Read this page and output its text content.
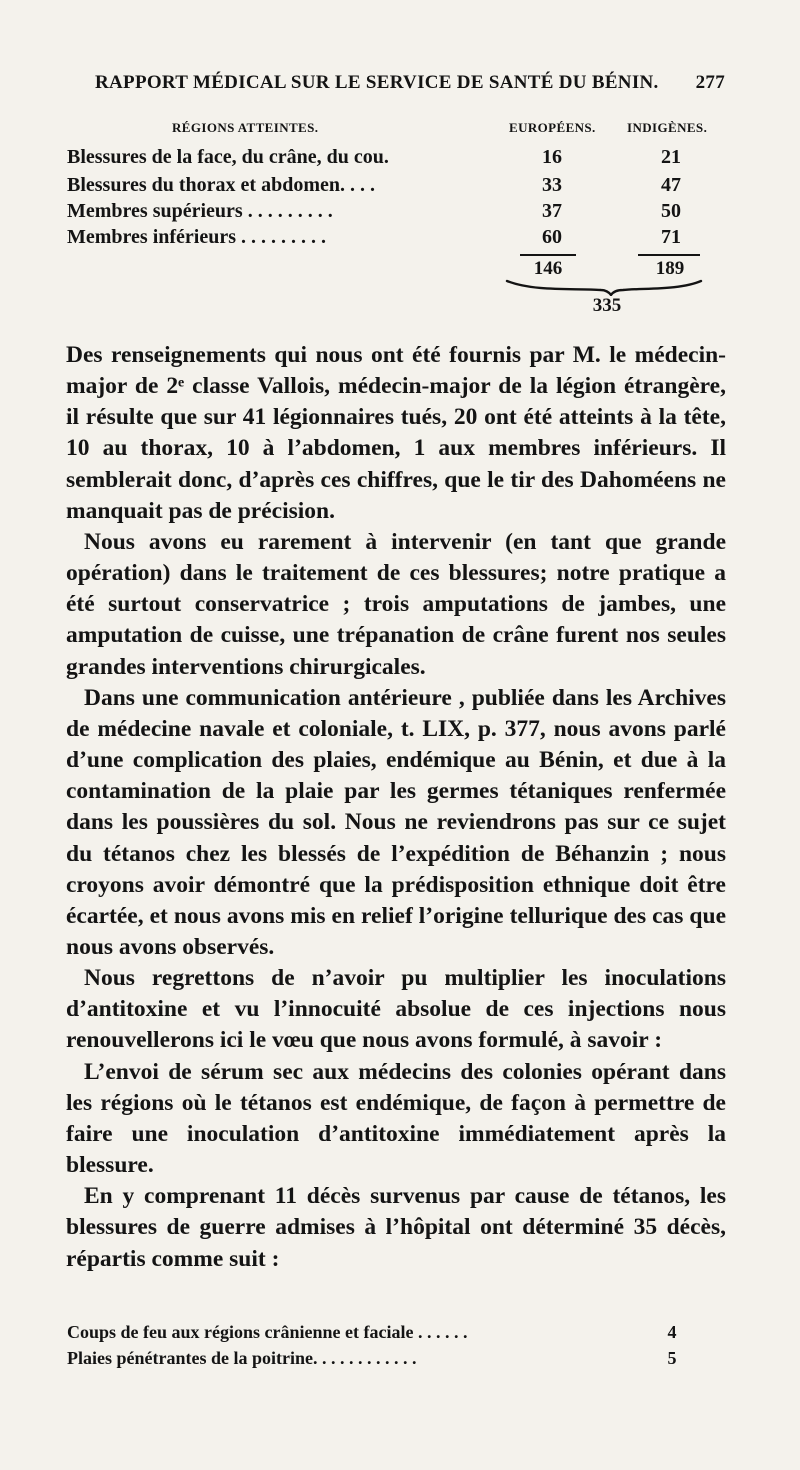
RAPPORT MÉDICAL SUR LE SERVICE DE SANTÉ DU BÉNIN. 277
RÉGIONS ATTEINTES.	EUROPÉENS. INDIGÈNES.
Blessures de la face, du crâne, du cou.	16	21
Blessures du thorax et abdomen. . . .	33	47
Membres supérieurs . . . . . . . . .	37	50
Membres inférieurs . . . . . . . . .	60	71
146	189
335

Des renseignements qui nous ont été fournis par M. le médecin-major de 2ᵉ classe Vallois, médecin-major de la légion étrangère, il résulte que sur 41 légionnaires tués, 20 ont été atteints à la tête, 10 au thorax, 10 à l’abdomen, 1 aux membres inférieurs. Il semblerait donc, d’après ces chiffres, que le tir des Dahoméens ne manquait pas de précision.

Nous avons eu rarement à intervenir (en tant que grande opération) dans le traitement de ces blessures; notre pratique a été surtout conservatrice ; trois amputations de jambes, une amputation de cuisse, une trépanation de crâne furent nos seules grandes interventions chirurgicales.

Dans une communication antérieure , publiée dans les Archives de médecine navale et coloniale, t. LIX, p. 377, nous avons parlé d’une complication des plaies, endémique au Bénin, et due à la contamination de la plaie par les germes tétaniques renfermée dans les poussières du sol. Nous ne reviendrons pas sur ce sujet du tétanos chez les blessés de l’expédition de Béhanzin ; nous croyons avoir démontré que la prédisposition ethnique doit être écartée, et nous avons mis en relief l’origine tellurique des cas que nous avons observés.

Nous regrettons de n’avoir pu multiplier les inoculations d’antitoxine et vu l’innocuité absolue de ces injections nous renouvellerons ici le vœu que nous avons formulé, à savoir :

L’envoi de sérum sec aux médecins des colonies opérant dans les régions où le tétanos est endémique, de façon à permettre de faire une inoculation d’antitoxine immédiatement après la blessure.

En y comprenant 11 décès survenus par cause de tétanos, les blessures de guerre admises à l’hôpital ont déterminé 35 décès, répartis comme suit :

Coups de feu aux régions crânienne et faciale . . . . . .	4
Plaies pénétrantes de la poitrine. . . . . . . . . . . .	5
